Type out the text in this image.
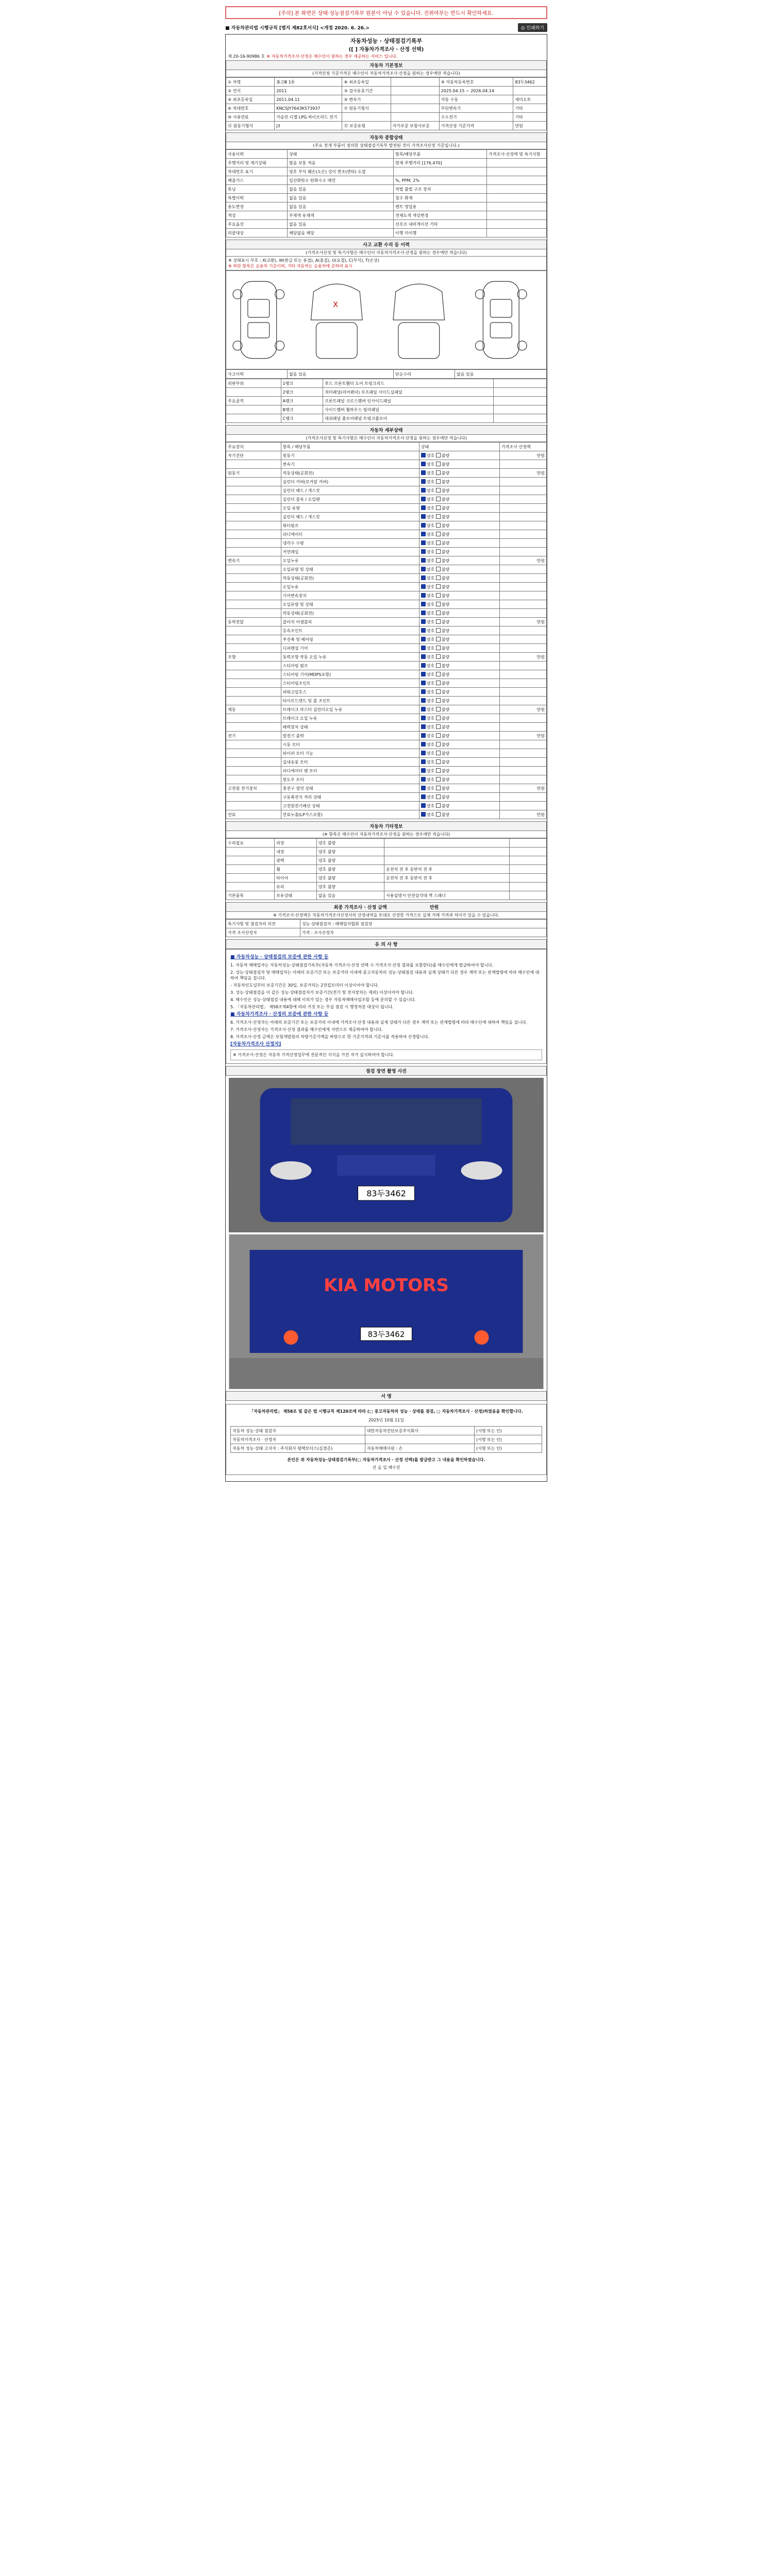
[주의] 본 화면은 상태·성능점검기록부 원본이 아닐 수 있습니다. 진위여부는 반드시 확인하세요.
■ 자동차관리법 시행규칙 [별지 제82호서식] <개정 2020. 6. 26.>	⎙ 인쇄하기
자동차성능 · 상태점검기록부
([ ] 자동차가격조사 · 산정 선택)
제 20-16-90986 호 ※ 자동차가격조사·산정은 매수인이 원하는 경우 제공하는 서비스 입니다.
자동차 기본정보
(가격산정 기준가격은 매수인이 자동차가격조사·산정을 원하는 경우에만 적습니다)
① 차명	봉고Ⅲ 1톤	⑧ 최초등록일		⑨ 자동차등록번호	83두3462
② 연식	2011	③ 검사유효기간		2025.04.15 ~ 2026.04.14	
④ 최초등록일	2011.04.11	⑤ 변속기		자동 수동	세미오토
⑥ 차대번호	KNCSJY7643K573937	⑦ 원동기형식		무단변속기	기타
⑩ 사용연료	가솔린 디젤 LPG 하이브리드 전기			수소전기	기타
⑪ 원동기형식	J3	⑫ 보증유형	자가보증 보험사보증	가격산정 기준가격	만원
자동차 종합상태
(주요 전개 부품이 정의한 상태점검기록부 발전된 것이 가격조사산정 기준입니다.)
사용이력	상태	항목/해당부품	가격조사·산정액 및 특기사항
주행거리 및 계기상태	많음 보통 적음	현재 주행거리 [176,470]	
차대번호 표기	양호 부식 훼손(오손) 상이 변조(변타) 도말		
배출가스	일산화탄소 탄화수소 매연	%, PPM, 2%	
튜닝	없음 있음	적법 불법 구조 장치	
특별이력	없음 있음	침수 화재	
용도변경	없음 있음	렌트 영업용	
색상	무채색 유채색	전체도색 색상변경	
주요옵션	없음 있음	선루프 내비게이션 기타	
리콜대상	해당없음 해당	이행 미이행	
사고 교환 수리 등 이력
(가격조사산정 및 특기사항은 매수인이 자동차가격조사·산정을 원하는 경우에만 적습니다)
※ 상태표시 부호 : X(교환), W(판금 또는 용접), A(흠집), U(요철), C(부식), T(손상)
※ 하단 항목은 승용차 기준이며, 기타 자동차는 승용차에 준하여 표시
X
사고이력	없음 있음	단순수리	없음 있음
외판부위	1랭크	후드 프론트휀더 도어 트렁크리드	
	2랭크	쿼터패널(리어펜더) 루프패널 사이드실패널	
주요골격	A랭크	프론트패널 크로스멤버 인사이드패널	
	B랭크	사이드멤버 휠하우스 필러패널	
	C랭크	대쉬패널 플로어패널 트렁크플로어	
자동차 세부상태
(가격조사산정 및 특기사항은 매수인이 자동차가격조사·산정을 원하는 경우에만 적습니다)
주요장치	항목 / 해당부품	상태	가격조사 산정액
자기진단	원동기	양호 불량	만원
	변속기	양호 불량	
원동기	작동상태(공회전)	양호 불량	만원
	실린더 커버(로커암 커버)	양호 불량	
	실린더 헤드 / 개스킷	양호 불량	
	실린더 블록 / 오일팬	양호 불량	
	오일 유량	양호 불량	
	실린더 헤드 / 개스킷	양호 불량	
	워터펌프	양호 불량	
	라디에이터	양호 불량	
	냉각수 수량	양호 불량	
	커먼레일	양호 불량	
변속기	오일누유	양호 불량	만원
	오일유량 및 상태	양호 불량	
	작동상태(공회전)	양호 불량	
	오일누유	양호 불량	
	기어변속장치	양호 불량	
	오일유량 및 상태	양호 불량	
	작동상태(공회전)	양호 불량	
동력전달	클러치 어셈블리	양호 불량	만원
	등속조인트	양호 불량	
	추진축 및 베어링	양호 불량	
	디퍼렌셜 기어	양호 불량	
조향	동력조향 작동 오일 누유	양호 불량	만원
	스티어링 펌프	양호 불량	
	스티어링 기어(MDPS포함)	양호 불량	
	스티어링조인트	양호 불량	
	파워고압호스	양호 불량	
	타이로드엔드 및 볼 조인트	양호 불량	
제동	브레이크 마스터 실린더오일 누유	양호 불량	만원
	브레이크 오일 누유	양호 불량	
	배력장치 상태	양호 불량	
전기	발전기 출력	양호 불량	만원
	시동 모터	양호 불량	
	와이퍼 모터 기능	양호 불량	
	실내송풍 모터	양호 불량	
	라디에이터 팬 모터	양호 불량	
	윈도우 모터	양호 불량	
고전원 전기장치	충전구 절연 상태	양호 불량	만원
	구동축전지 격리 상태	양호 불량	
	고전원전기배선 상태	양호 불량	
연료	연료누출(LP가스포함)	양호 불량	만원
자동차 기타정보
(※ 항목은 매수인이 자동차가격조사·산정을 원하는 경우에만 적습니다)
수리필요	외장	양호 불량		
	내장	양호 불량		
	광택	양호 불량		
	휠	양호 불량	운전석 전 후 동반석 전 후	
	타이어	양호 불량	운전석 전 후 동반석 전 후	
	유리	양호 불량		
기본품목	보유상태	없음 있음	사용설명서 안전삼각대 잭 스패너	
최종 가격조사 · 산정 금액	만원
※ 가격조사·산정액은 자동차가격조사산정사의 산정내역을 토대로 산정한 가격으로 실제 거래 가격과 차이가 있을 수 있습니다.
특기사항 및 점검자의 의견	성능·상태점검자 : 매매업자협회 점검장
가격 조사산정자	가격 : 조사산정자
유 의 사 항
■ 자동차성능 · 상태점검의 보증에 관한 사항 등
1. 자동차 매매업자는 자동차성능·상태점검기록부(자동차 가격조사·산정 선택 시 가격조사·산정 결과를 포함한다)를 매수인에게 발급하여야 합니다.
2. 성능·상태점검자 및 매매업자는 아래의 보증기간 또는 보증거리 이내에 중고자동차의 성능·상태점검 내용과 실제 상태가 다른 경우 계약 또는 관계법령에 따라 매수인에 대하여 책임을 집니다.
- 자동차인도일부터 보증기간은 30일, 보증거리는 2천킬로미터 이상이어야 합니다.
3. 성능·상태점검을 이 같은 성능·상태점검자가 보증기간(전기 및 전자장치는 제외) 이상이어야 합니다.
4. 매수인은 성능·상태점검 내용에 대해 이의가 있는 경우 자동차매매사업조합 등에 문의할 수 있습니다.
5. 「자동차관리법」 제58조제4항에 따라 거짓 또는 부실 점검 시 행정처분 대상이 됩니다.
■ 자동차가격조사 · 산정의 보증에 관한 사항 등
6. 가격조사·산정자는 아래의 보증기간 또는 보증거리 이내에 가격조사·산정 내용과 실제 상태가 다른 경우 계약 또는 관계법령에 따라 매수인에 대하여 책임을 집니다.
7. 가격조사·산정자는 가격조사·산정 결과를 매수인에게 서면으로 제공하여야 합니다.
8. 가격조사·산정 금액은 보험개발원의 차량기준가액을 바탕으로 한 기준가격과 기준서를 적용하여 산정합니다.
[자동차가격조사 산정자]
※ 가격조사·산정은 자동차 가격산정업무에 전문적인 지식을 가진 자가 실시하여야 합니다.
점검 장면 촬영 사진
83두3462
KIA MOTORS
83두3462
서 명
「자동차관리법」 제58조 및 같은 법 시행규칙 제120조에 따라 (□ 중고자동차의 성능 · 상태를 점검, □ 자동차가격조사 · 산정)하였음을 확인합니다.
2025년 10월 11일
자동차 성능·상태 점검자	대한자동차진단보증주식회사	(서명 또는 인)
자동차가격조사 · 산정자		(서명 또는 인)
자동차 성능·상태 고지자 : 주식회사 평택모터스(김경준)	자동차매매사원 : 손	(서명 또는 인)
본인은 위 자동차성능·상태점검기록부(□ 자동차가격조사 · 산정 선택)를 발급받고 그 내용을 확인하였습니다.
선 을 일 해수진
